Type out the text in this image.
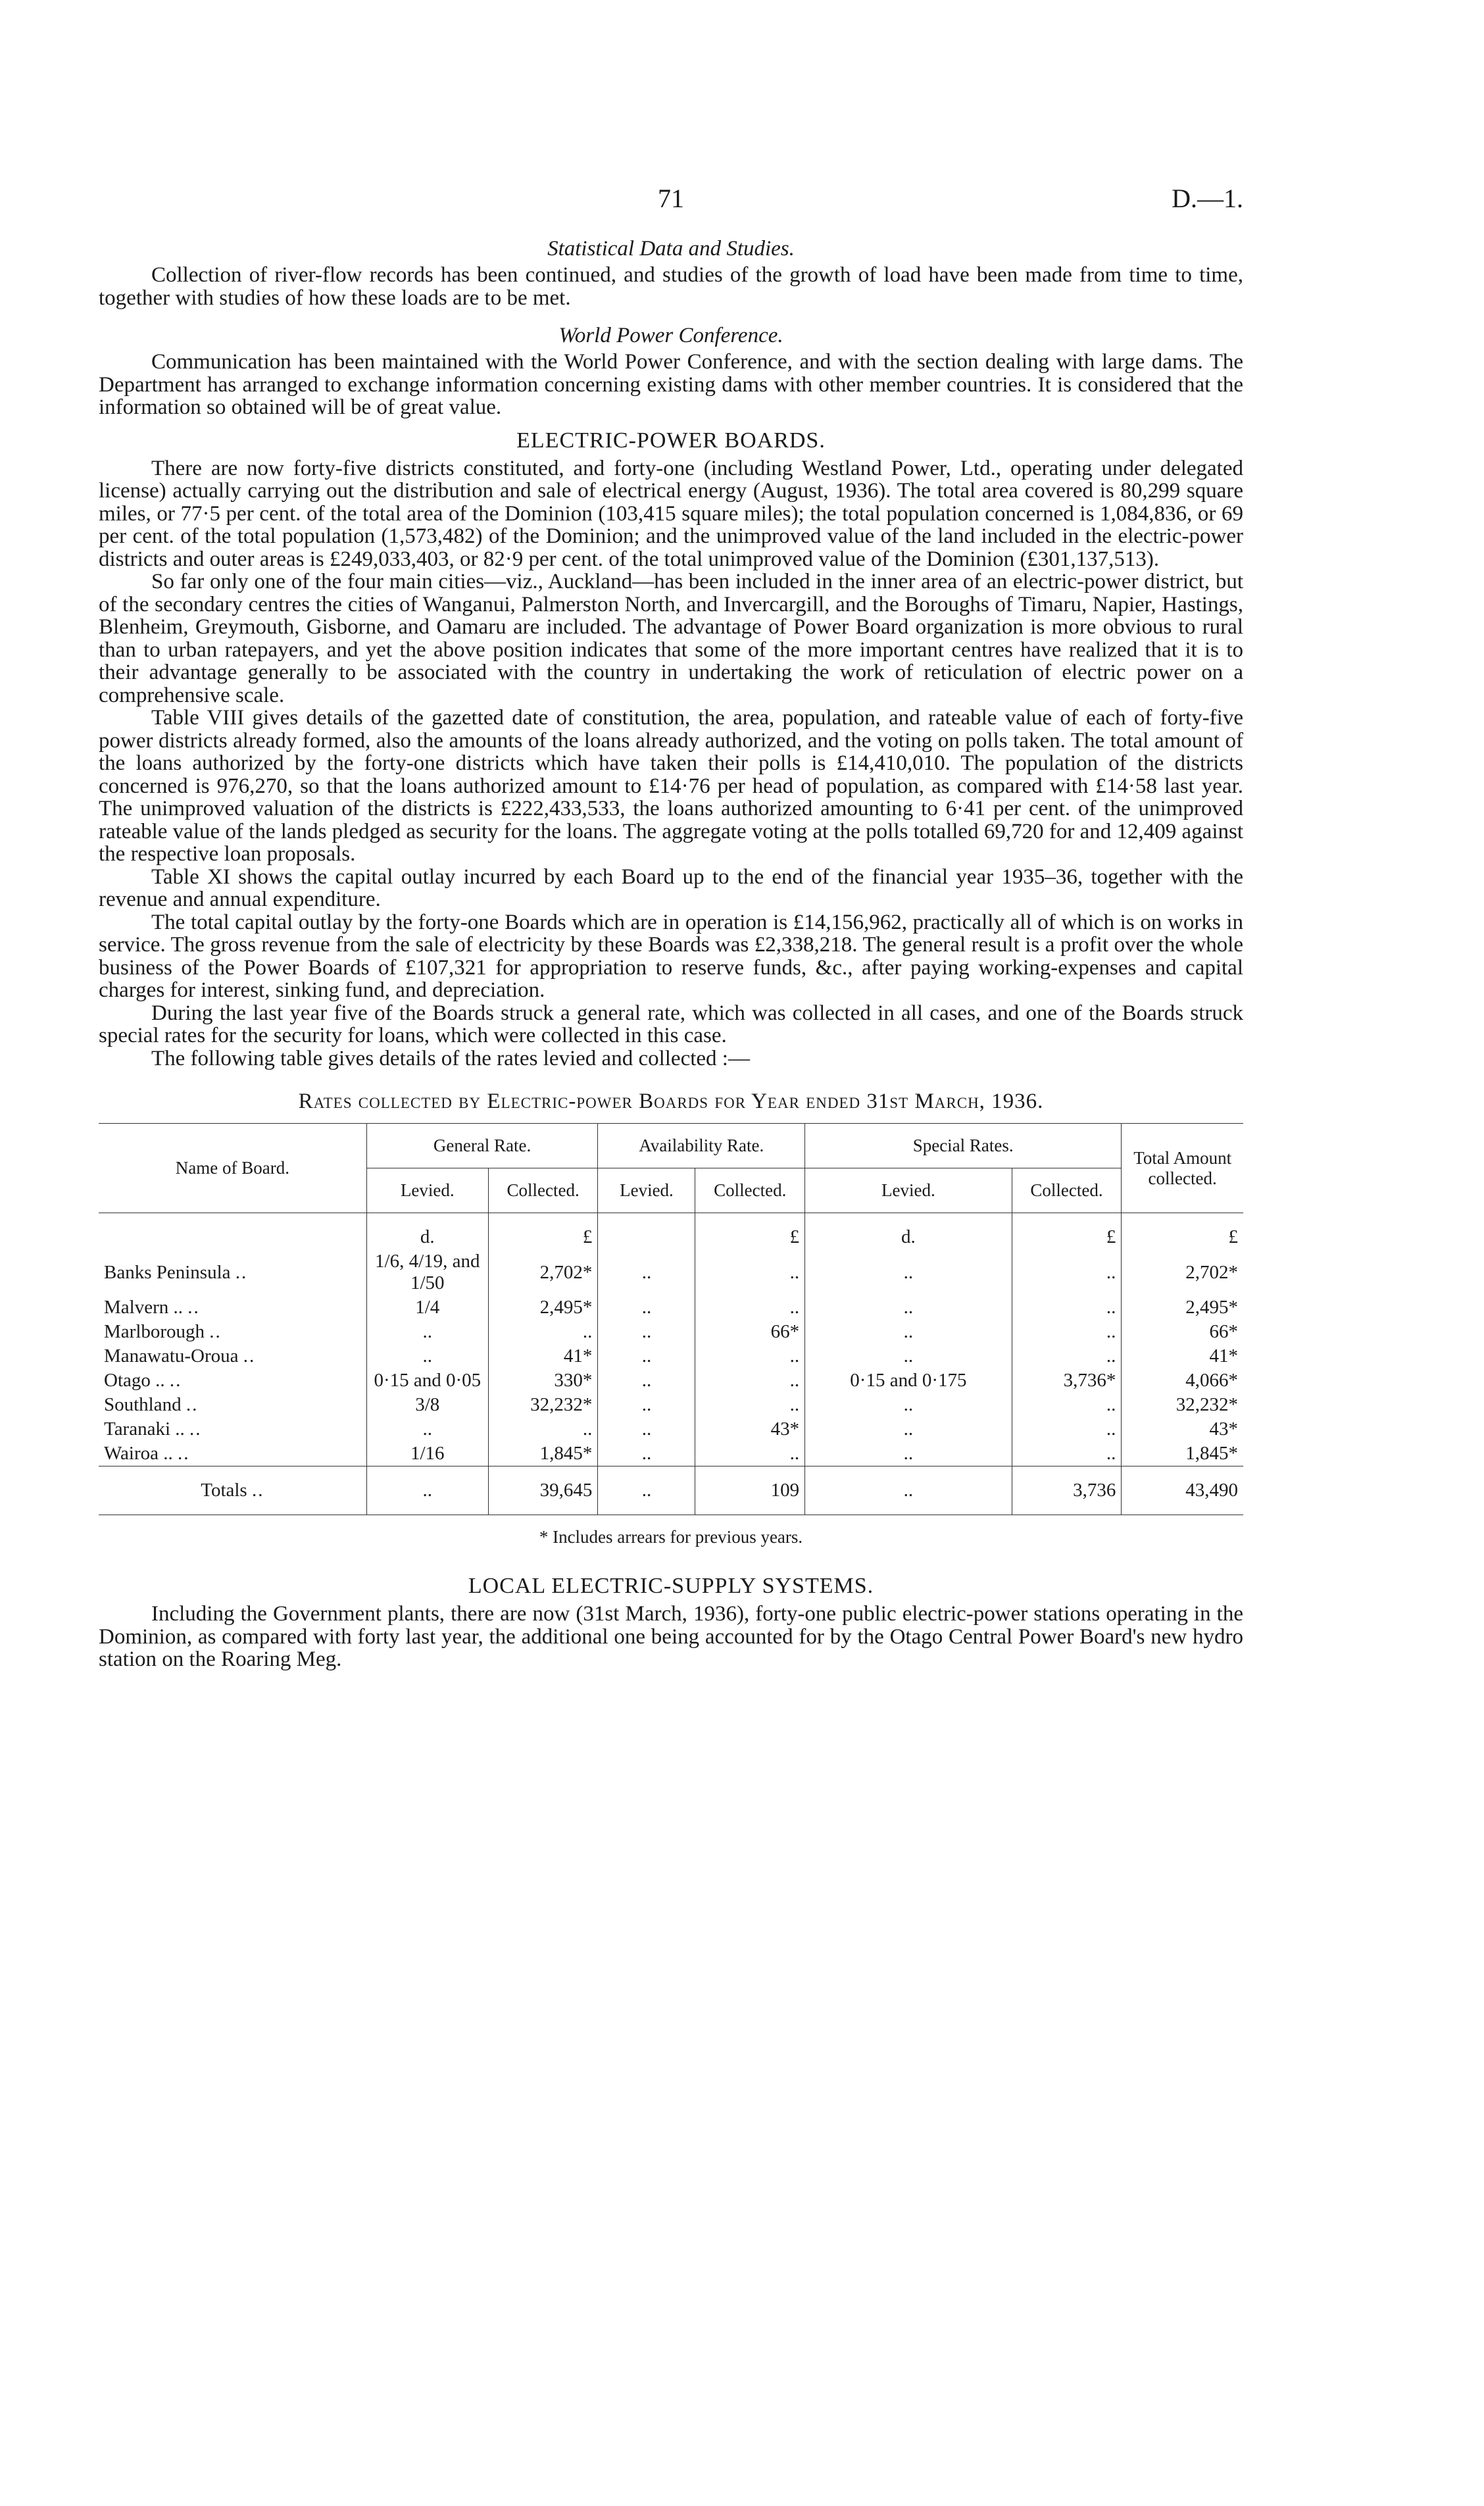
71	D.—1.
Statistical Data and Studies.

Collection of river-flow records has been continued, and studies of the growth of load have been made from time to time, together with studies of how these loads are to be met.

World Power Conference.

Communication has been maintained with the World Power Conference, and with the section dealing with large dams. The Department has arranged to exchange information concerning existing dams with other member countries. It is considered that the information so obtained will be of great value.

ELECTRIC-POWER BOARDS.

There are now forty-five districts constituted, and forty-one (including Westland Power, Ltd., operating under delegated license) actually carrying out the distribution and sale of electrical energy (August, 1936). The total area covered is 80,299 square miles, or 77·5 per cent. of the total area of the Dominion (103,415 square miles); the total population concerned is 1,084,836, or 69 per cent. of the total population (1,573,482) of the Dominion; and the unimproved value of the land included in the electric-power districts and outer areas is £249,033,403, or 82·9 per cent. of the total unimproved value of the Dominion (£301,137,513).

So far only one of the four main cities—viz., Auckland—has been included in the inner area of an electric-power district, but of the secondary centres the cities of Wanganui, Palmerston North, and Invercargill, and the Boroughs of Timaru, Napier, Hastings, Blenheim, Greymouth, Gisborne, and Oamaru are included. The advantage of Power Board organization is more obvious to rural than to urban ratepayers, and yet the above position indicates that some of the more important centres have realized that it is to their advantage generally to be associated with the country in undertaking the work of reticulation of electric power on a comprehensive scale.

Table VIII gives details of the gazetted date of constitution, the area, population, and rateable value of each of forty-five power districts already formed, also the amounts of the loans already authorized, and the voting on polls taken. The total amount of the loans authorized by the forty-one districts which have taken their polls is £14,410,010. The population of the districts concerned is 976,270, so that the loans authorized amount to £14·76 per head of population, as compared with £14·58 last year. The unimproved valuation of the districts is £222,433,533, the loans authorized amounting to 6·41 per cent. of the unimproved rateable value of the lands pledged as security for the loans. The aggregate voting at the polls totalled 69,720 for and 12,409 against the respective loan proposals.

Table XI shows the capital outlay incurred by each Board up to the end of the financial year 1935–36, together with the revenue and annual expenditure.

The total capital outlay by the forty-one Boards which are in operation is £14,156,962, practically all of which is on works in service. The gross revenue from the sale of electricity by these Boards was £2,338,218. The general result is a profit over the whole business of the Power Boards of £107,321 for appropriation to reserve funds, &c., after paying working-expenses and capital charges for interest, sinking fund, and depreciation.

During the last year five of the Boards struck a general rate, which was collected in all cases, and one of the Boards struck special rates for the security for loans, which were collected in this case.

The following table gives details of the rates levied and collected :—

Rates collected by Electric-power Boards for Year ended 31st March, 1936.
Name of Board.	General Rate.		Availability Rate.		Special Rates.		Total Amount collected.
	Levied.	Collected.	Levied.	Collected.	Levied.	Collected.	
	d.	£		£	d.	£	£
Banks Peninsula ..	1/6, 4/19, and 1/50	2,702*	..	..	..	..	2,702*
Malvern .. ..	1/4	2,495*	..	..	..	..	2,495*
Marlborough ..	..	..	..	66*	..	..	66*
Manawatu-Oroua ..	..	41*	..	..	..	..	41*
Otago .. ..	0·15 and 0·05	330*	..	..	0·15 and 0·175	3,736*	4,066*
Southland ..	3/8	32,232*	..	..	..	..	32,232*
Taranaki .. ..	..	..	..	43*	..	..	43*
Wairoa .. ..	1/16	1,845*	..	..	..	..	1,845*
Totals ..	..	39,645	..	109	..	3,736	43,490
* Includes arrears for previous years.
LOCAL ELECTRIC-SUPPLY SYSTEMS.

Including the Government plants, there are now (31st March, 1936), forty-one public electric-power stations operating in the Dominion, as compared with forty last year, the additional one being accounted for by the Otago Central Power Board's new hydro station on the Roaring Meg.
